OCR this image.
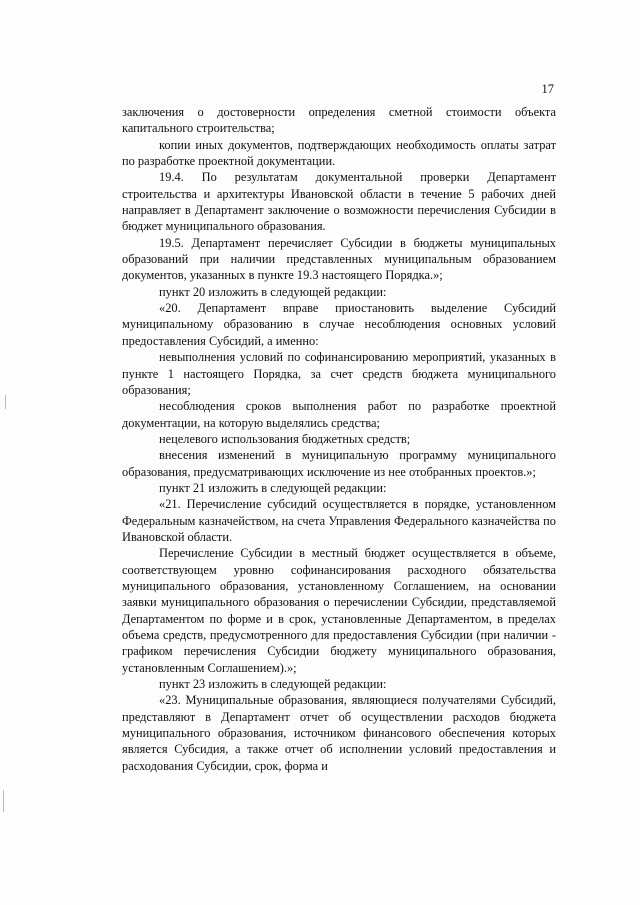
17

заключения о достоверности определения сметной стоимости объекта капитального строительства;

копии иных документов, подтверждающих необходимость оплаты затрат по разработке проектной документации.

19.4. По результатам документальной проверки Департамент строительства и архитектуры Ивановской области в течение 5 рабочих дней направляет в Департамент заключение о возможности перечисления Субсидии в бюджет муниципального образования.

19.5. Департамент перечисляет Субсидии в бюджеты муниципальных образований при наличии представленных муниципальным образованием документов, указанных в пункте 19.3 настоящего Порядка.»;

пункт 20 изложить в следующей редакции:

«20. Департамент вправе приостановить выделение Субсидий муниципальному образованию в случае несоблюдения основных условий предоставления Субсидий, а именно:

невыполнения условий по софинансированию мероприятий, указанных в пункте 1 настоящего Порядка, за счет средств бюджета муниципального образования;

несоблюдения сроков выполнения работ по разработке проектной документации, на которую выделялись средства;

нецелевого использования бюджетных средств;

внесения изменений в муниципальную программу муниципального образования, предусматривающих исключение из нее отобранных проектов.»;

пункт 21 изложить в следующей редакции:

«21. Перечисление субсидий осуществляется в порядке, установленном Федеральным казначейством, на счета Управления Федерального казначейства по Ивановской области.

Перечисление Субсидии в местный бюджет осуществляется в объеме, соответствующем уровню софинансирования расходного обязательства муниципального образования, установленному Соглашением, на основании заявки муниципального образования о перечислении Субсидии, представляемой Департаментом по форме и в срок, установленные Департаментом, в пределах объема средств, предусмотренного для предоставления Субсидии (при наличии - графиком перечисления Субсидии бюджету муниципального образования, установленным Соглашением).»;

пункт 23 изложить в следующей редакции:

«23. Муниципальные образования, являющиеся получателями Субсидий, представляют в Департамент отчет об осуществлении расходов бюджета муниципального образования, источником финансового обеспечения которых является Субсидия, а также отчет об исполнении условий предоставления и расходования Субсидии, срок, форма и
